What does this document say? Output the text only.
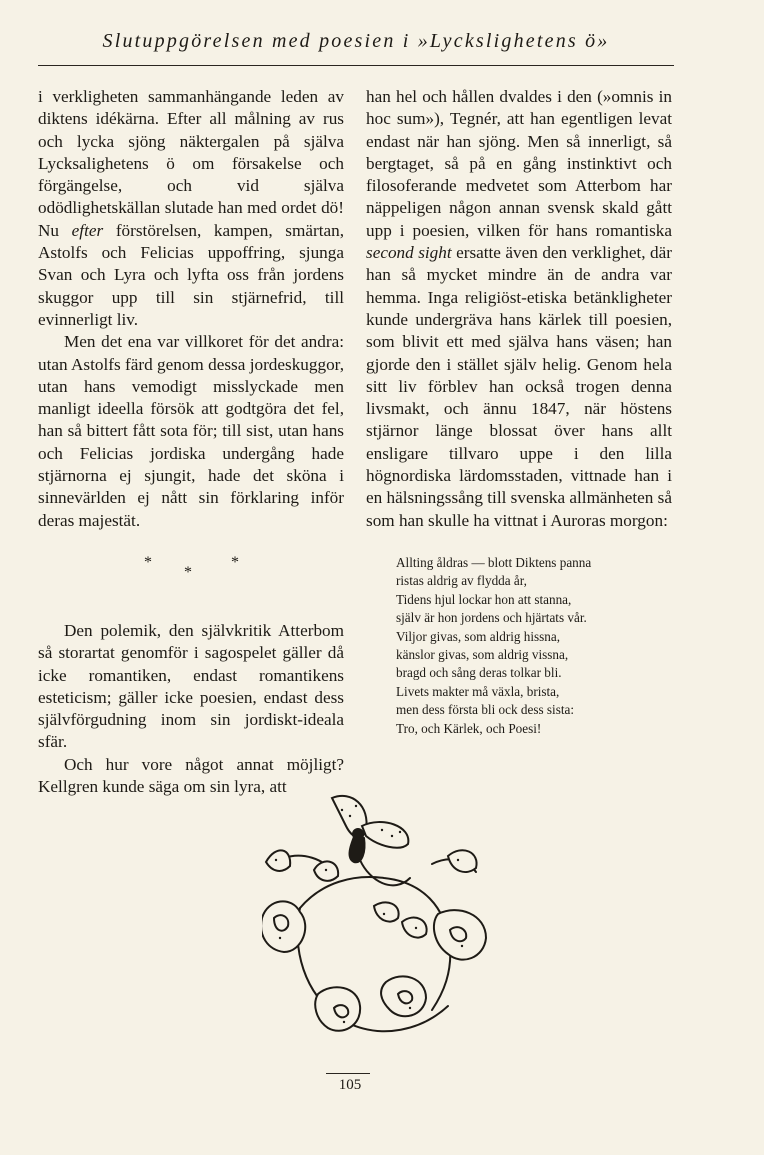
Slutuppgörelsen med poesien i »Lyckslighetens ö»

i verkligheten sammanhängande leden av diktens idékärna. Efter all målning av rus och lycka sjöng näktergalen på själva Lycksalighetens ö om försakelse och förgängelse, och vid själva odödlighetskällan slutade han med ordet dö! Nu efter förstörelsen, kampen, smärtan, Astolfs och Felicias uppoffring, sjunga Svan och Lyra och lyfta oss från jordens skuggor upp till sin stjärnefrid, till evinnerligt liv.

Men det ena var villkoret för det andra: utan Astolfs färd genom dessa jordeskuggor, utan hans vemodigt misslyckade men manligt ideella försök att godtgöra det fel, han så bittert fått sota för; till sist, utan hans och Felicias jordiska undergång hade stjärnorna ej sjungit, hade det sköna i sinnevärlden ej nått sin förklaring inför deras majestät.

*
*
*

Den polemik, den självkritik Atterbom så storartat genomför i sagospelet gäller då icke romantiken, endast romantikens esteticism; gäller icke poesien, endast dess självförgudning inom sin jordiskt-ideala sfär.

Och hur vore något annat möjligt? Kellgren kunde säga om sin lyra, att

han hel och hållen dvaldes i den (»omnis in hoc sum»), Tegnér, att han egentligen levat endast när han sjöng. Men så innerligt, så bergtaget, så på en gång instinktivt och filosoferande medvetet som Atterbom har näppeligen någon annan svensk skald gått upp i poesien, vilken för hans romantiska second sight ersatte även den verklighet, där han så mycket mindre än de andra var hemma. Inga religiöst-etiska betänkligheter kunde undergräva hans kärlek till poesien, som blivit ett med själva hans väsen; han gjorde den i stället själv helig. Genom hela sitt liv förblev han också trogen denna livsmakt, och ännu 1847, när höstens stjärnor länge blossat över hans allt ensligare tillvaro uppe i den lilla högnordiska lärdomsstaden, vittnade han i en hälsningssång till svenska allmänheten så som han skulle ha vittnat i Auroras morgon:

Allting åldras — blott Diktens panna
ristas aldrig av flydda år,
Tidens hjul lockar hon att stanna,
själv är hon jordens och hjärtats vår.
Viljor givas, som aldrig hissna,
känslor givas, som aldrig vissna,
bragd och sång deras tolkar bli.
Livets makter må växla, brista,
men dess första bli ock dess sista:
Tro, och Kärlek, och Poesi!
105
